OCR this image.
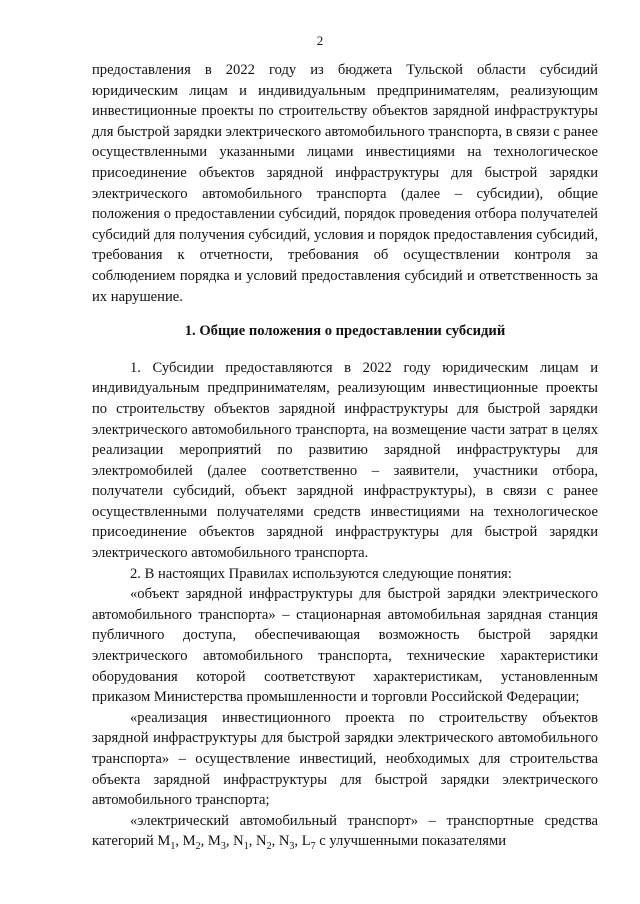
2

предоставления в 2022 году из бюджета Тульской области субсидий юридическим лицам и индивидуальным предпринимателям, реализующим инвестиционные проекты по строительству объектов зарядной инфраструктуры для быстрой зарядки электрического автомобильного транспорта, в связи с ранее осуществленными указанными лицами инвестициями на технологическое присоединение объектов зарядной инфраструктуры для быстрой зарядки электрического автомобильного транспорта (далее – субсидии), общие положения о предоставлении субсидий, порядок проведения отбора получателей субсидий для получения субсидий, условия и порядок предоставления субсидий, требования к отчетности, требования об осуществлении контроля за соблюдением порядка и условий предоставления субсидий и ответственность за их нарушение.

1. Общие положения о предоставлении субсидий

1. Субсидии предоставляются в 2022 году юридическим лицам и индивидуальным предпринимателям, реализующим инвестиционные проекты по строительству объектов зарядной инфраструктуры для быстрой зарядки электрического автомобильного транспорта, на возмещение части затрат в целях реализации мероприятий по развитию зарядной инфраструктуры для электромобилей (далее соответственно – заявители, участники отбора, получатели субсидий, объект зарядной инфраструктуры), в связи с ранее осуществленными получателями средств инвестициями на технологическое присоединение объектов зарядной инфраструктуры для быстрой зарядки электрического автомобильного транспорта.

2. В настоящих Правилах используются следующие понятия:

«объект зарядной инфраструктуры для быстрой зарядки электрического автомобильного транспорта» – стационарная автомобильная зарядная станция публичного доступа, обеспечивающая возможность быстрой зарядки электрического автомобильного транспорта, технические характеристики оборудования которой соответствуют характеристикам, установленным приказом Министерства промышленности и торговли Российской Федерации;

«реализация инвестиционного проекта по строительству объектов зарядной инфраструктуры для быстрой зарядки электрического автомобильного транспорта» – осуществление инвестиций, необходимых для строительства объекта зарядной инфраструктуры для быстрой зарядки электрического автомобильного транспорта;

«электрический автомобильный транспорт» – транспортные средства категорий $M_1$, $M_2$, $M_3$, $N_1$, $N_2$, $N_3$, $L_7$ с улучшенными показателями
